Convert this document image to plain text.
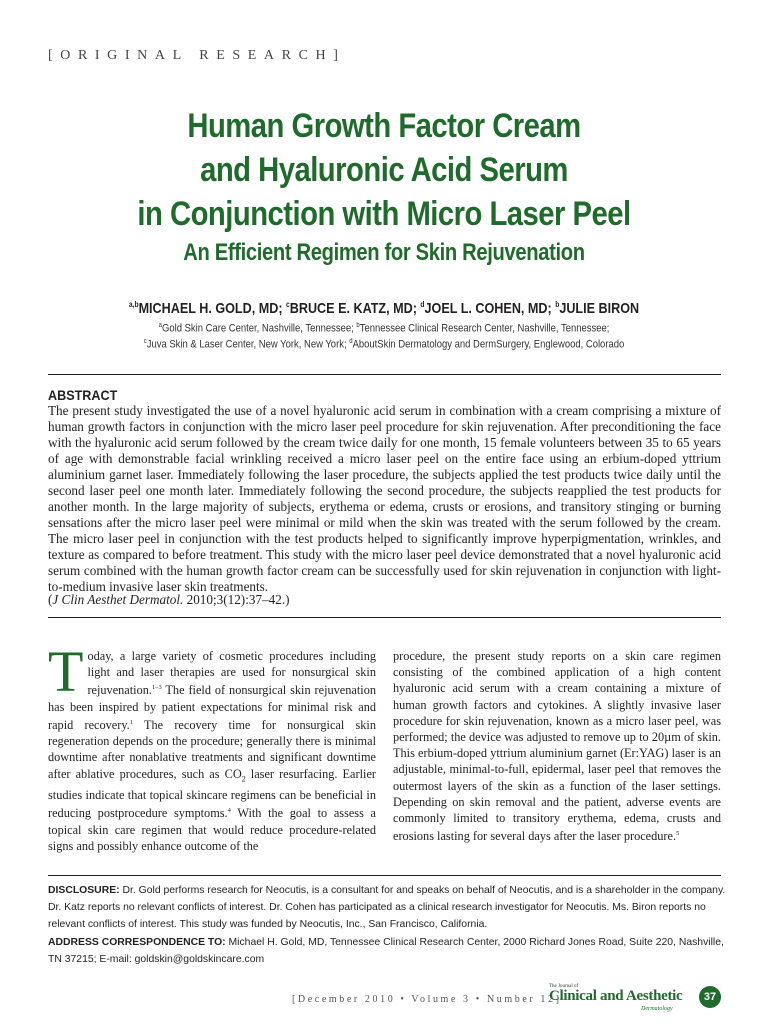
[ORIGINAL RESEARCH]
Human Growth Factor Cream
and Hyaluronic Acid Serum
in Conjunction with Micro Laser Peel
An Efficient Regimen for Skin Rejuvenation
$^{a,b}$MICHAEL H. GOLD, MD; $^c$BRUCE E. KATZ, MD; $^d$JOEL L. COHEN, MD; $^b$JULIE BIRON
$^a$Gold Skin Care Center, Nashville, Tennessee; $^b$Tennessee Clinical Research Center, Nashville, Tennessee;
$^c$Juva Skin & Laser Center, New York, New York; $^d$AboutSkin Dermatology and DermSurgery, Englewood, Colorado
ABSTRACT

The present study investigated the use of a novel hyaluronic acid serum in combination with a cream comprising a mixture of human growth factors in conjunction with the micro laser peel procedure for skin rejuvenation. After preconditioning the face with the hyaluronic acid serum followed by the cream twice daily for one month, 15 female volunteers between 35 to 65 years of age with demonstrable facial wrinkling received a micro laser peel on the entire face using an erbium-doped yttrium aluminium garnet laser. Immediately following the laser procedure, the subjects applied the test products twice daily until the second laser peel one month later. Immediately following the second procedure, the subjects reapplied the test products for another month. In the large majority of subjects, erythema or edema, crusts or erosions, and transitory stinging or burning sensations after the micro laser peel were minimal or mild when the skin was treated with the serum followed by the cream. The micro laser peel in conjunction with the test products helped to significantly improve hyperpigmentation, wrinkles, and texture as compared to before treatment. This study with the micro laser peel device demonstrated that a novel hyaluronic acid serum combined with the human growth factor cream can be successfully used for skin rejuvenation in conjunction with light-to-medium invasive laser skin treatments.

(J Clin Aesthet Dermatol. 2010;3(12):37–42.)

Today, a large variety of cosmetic procedures including light and laser therapies are used for nonsurgical skin rejuvenation.$^{1-3}$ The field of nonsurgical skin rejuvenation has been inspired by patient expectations for minimal risk and rapid recovery.$^1$ The recovery time for nonsurgical skin regeneration depends on the procedure; generally there is minimal downtime after nonablative treatments and significant downtime after ablative procedures, such as $CO_2$ laser resurfacing. Earlier studies indicate that topical skincare regimens can be beneficial in reducing postprocedure symptoms.$^4$ With the goal to assess a topical skin care regimen that would reduce procedure-related signs and possibly enhance outcome of the

procedure, the present study reports on a skin care regimen consisting of the combined application of a high content hyaluronic acid serum with a cream containing a mixture of human growth factors and cytokines. A slightly invasive laser procedure for skin rejuvenation, known as a micro laser peel, was performed; the device was adjusted to remove up to 20µm of skin. This erbium-doped yttrium aluminium garnet (Er:YAG) laser is an adjustable, minimal-to-full, epidermal, laser peel that removes the outermost layers of the skin as a function of the laser settings. Depending on skin removal and the patient, adverse events are commonly limited to transitory erythema, edema, crusts and erosions lasting for several days after the laser procedure.$^5$

DISCLOSURE: Dr. Gold performs research for Neocutis, is a consultant for and speaks on behalf of Neocutis, and is a shareholder in the company. Dr. Katz reports no relevant conflicts of interest. Dr. Cohen has participated as a clinical research investigator for Neocutis. Ms. Biron reports no relevant conflicts of interest. This study was funded by Neocutis, Inc., San Francisco, California.
ADDRESS CORRESPONDENCE TO: Michael H. Gold, MD, Tennessee Clinical Research Center, 2000 Richard Jones Road, Suite 220, Nashville, TN 37215; E-mail: goldskin@goldskincare.com
[December 2010 • Volume 3 • Number 12]
The Journal of
Clinical and Aesthetic
Dermatology
37
